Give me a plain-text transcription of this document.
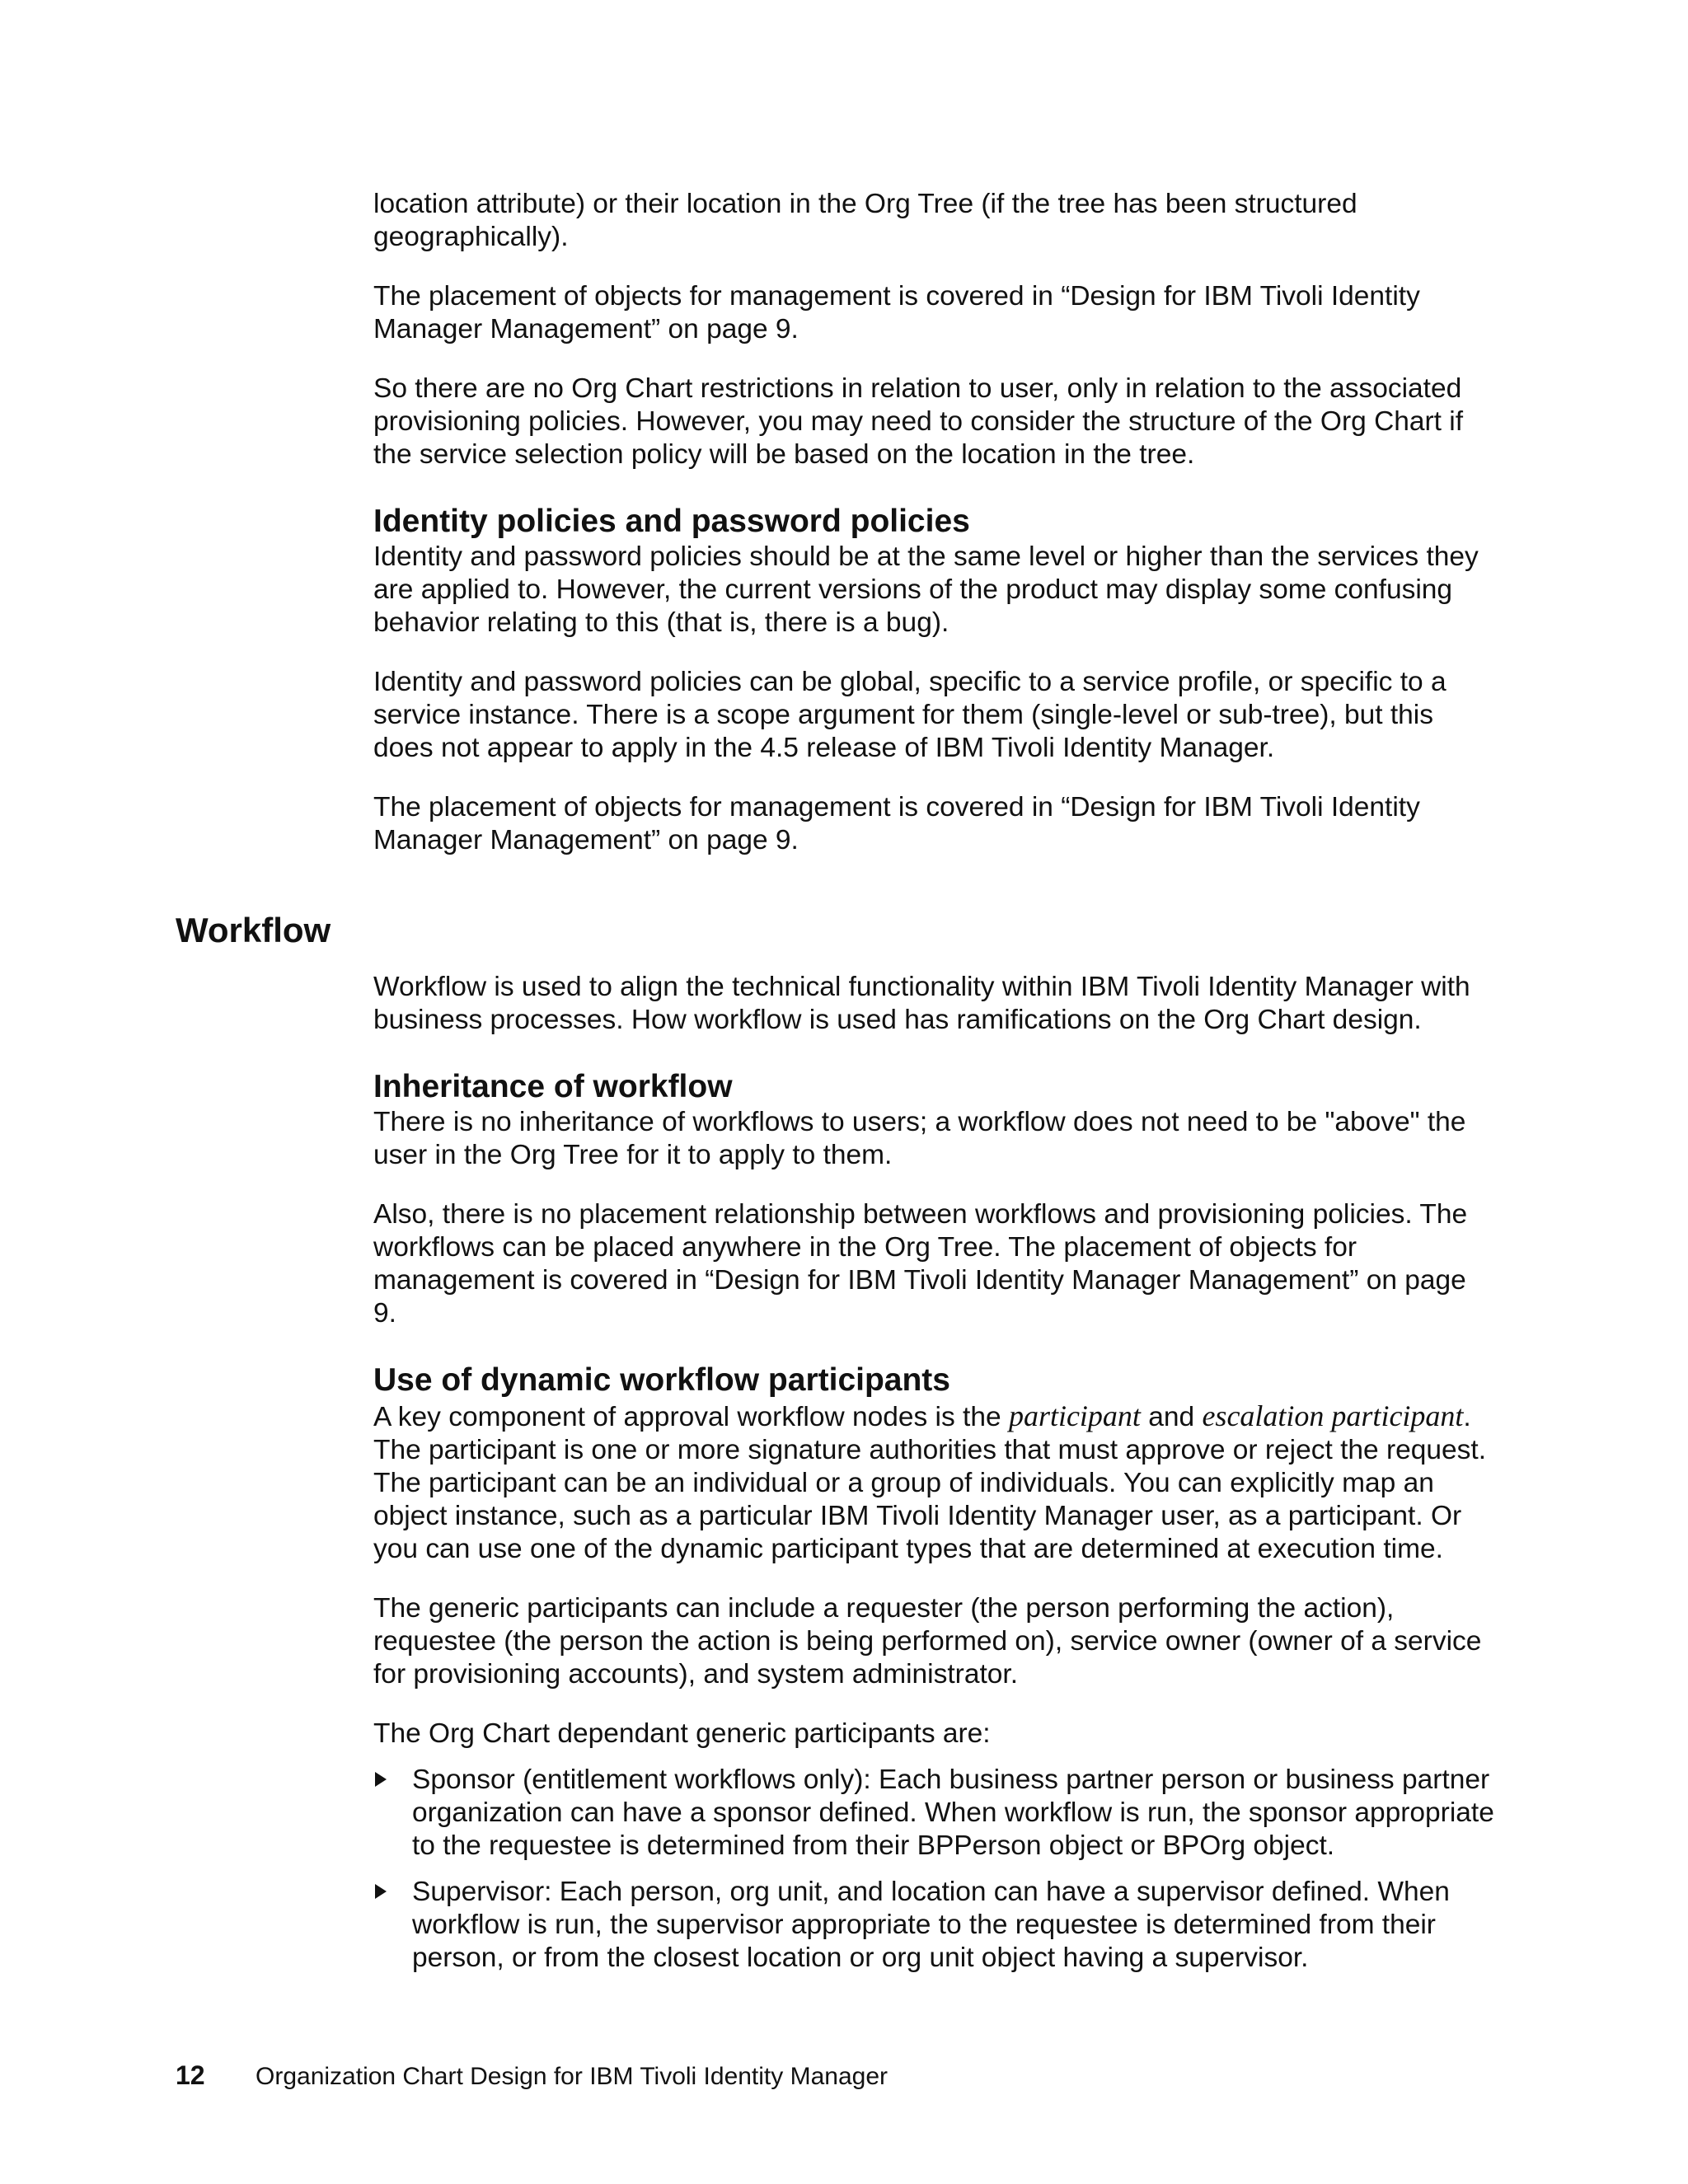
location attribute) or their location in the Org Tree (if the tree has been structured geographically).

The placement of objects for management is covered in “Design for IBM Tivoli Identity Manager Management” on page 9.

So there are no Org Chart restrictions in relation to user, only in relation to the associated provisioning policies. However, you may need to consider the structure of the Org Chart if the service selection policy will be based on the location in the tree.

Identity policies and password policies

Identity and password policies should be at the same level or higher than the services they are applied to. However, the current versions of the product may display some confusing behavior relating to this (that is, there is a bug).

Identity and password policies can be global, specific to a service profile, or specific to a service instance. There is a scope argument for them (single-level or sub-tree), but this does not appear to apply in the 4.5 release of IBM Tivoli Identity Manager.

The placement of objects for management is covered in “Design for IBM Tivoli Identity Manager Management” on page 9.

Workflow is used to align the technical functionality within IBM Tivoli Identity Manager with business processes. How workflow is used has ramifications on the Org Chart design.

Inheritance of workflow

There is no inheritance of workflows to users; a workflow does not need to be "above" the user in the Org Tree for it to apply to them.

Also, there is no placement relationship between workflows and provisioning policies. The workflows can be placed anywhere in the Org Tree. The placement of objects for management is covered in “Design for IBM Tivoli Identity Manager Management” on page 9.

Use of dynamic workflow participants

A key component of approval workflow nodes is the participant and escalation participant. The participant is one or more signature authorities that must approve or reject the request. The participant can be an individual or a group of individuals. You can explicitly map an object instance, such as a particular IBM Tivoli Identity Manager user, as a participant. Or you can use one of the dynamic participant types that are determined at execution time.

The generic participants can include a requester (the person performing the action), requestee (the person the action is being performed on), service owner (owner of a service for provisioning accounts), and system administrator.

The Org Chart dependant generic participants are:

Sponsor (entitlement workflows only): Each business partner person or business partner organization can have a sponsor defined. When workflow is run, the sponsor appropriate to the requestee is determined from their BPPerson object or BPOrg object.
Supervisor: Each person, org unit, and location can have a supervisor defined. When workflow is run, the supervisor appropriate to the requestee is determined from their person, or from the closest location or org unit object having a supervisor.
Workflow
12 Organization Chart Design for IBM Tivoli Identity Manager
